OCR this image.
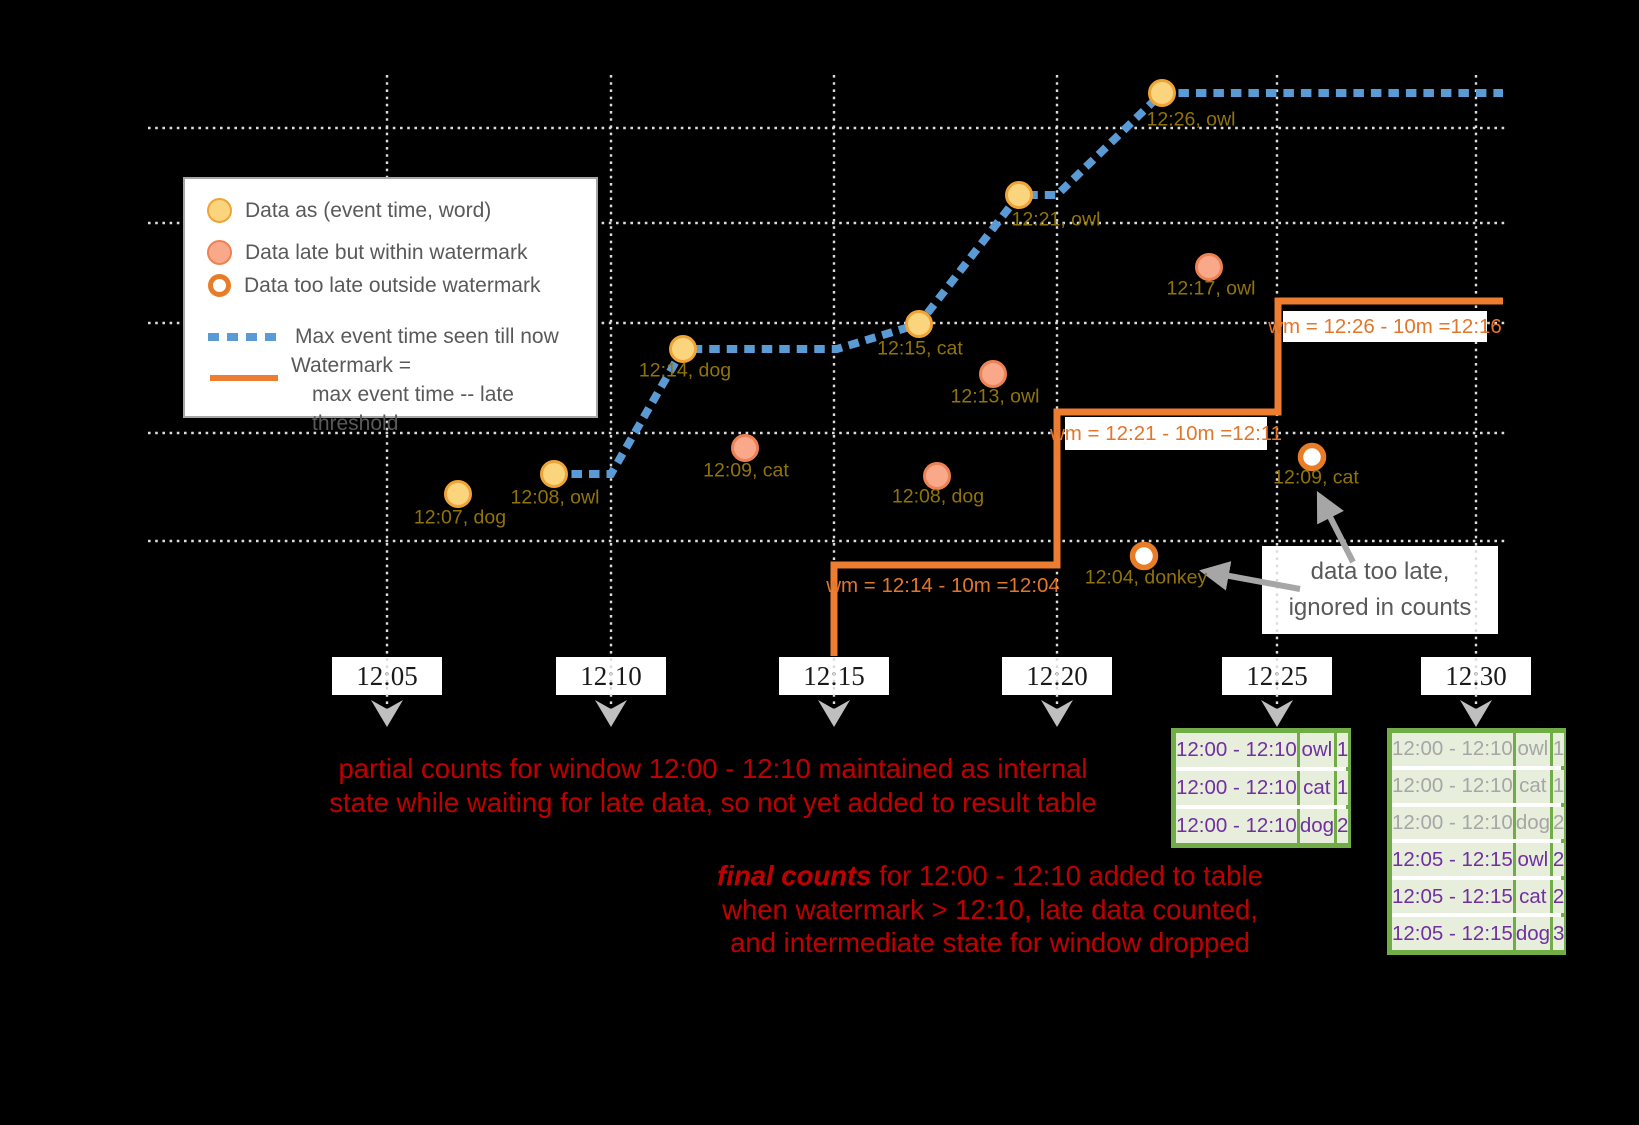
12:05	12:10	12:15	12:20	12:25	12:30
data too late,
ignored in counts
Data as (event time, word)
Data late but within watermark
Data too late outside watermark
Max event time seen till now
Watermark =
max event time -- late threshold
partial counts for window 12:00 - 12:10 maintained as internal
state while waiting for late data, so not yet added to result table
final counts for 12:00 - 12:10 added to table
when watermark > 12:10, late data counted,
and intermediate state for window dropped
12:07, dog
12:08, owl
12:14, dog
12:15, cat
12:21, owl
12:26, owl
12:09, cat
12:08, dog
12:13, owl
12:17, owl
12:04, donkey
12:09, cat
wm = 12:14 - 10m =12:04
wm = 12:21 - 10m =12:11
wm = 12:26 - 10m =12:16
12:00 - 12:10 owl 1
12:00 - 12:10 cat 1
12:00 - 12:10 dog 2
12:00 - 12:10 owl 1
12:00 - 12:10 cat 1
12:00 - 12:10 dog 2
12:05 - 12:15 owl 2
12:05 - 12:15 cat 2
12:05 - 12:15 dog 3
